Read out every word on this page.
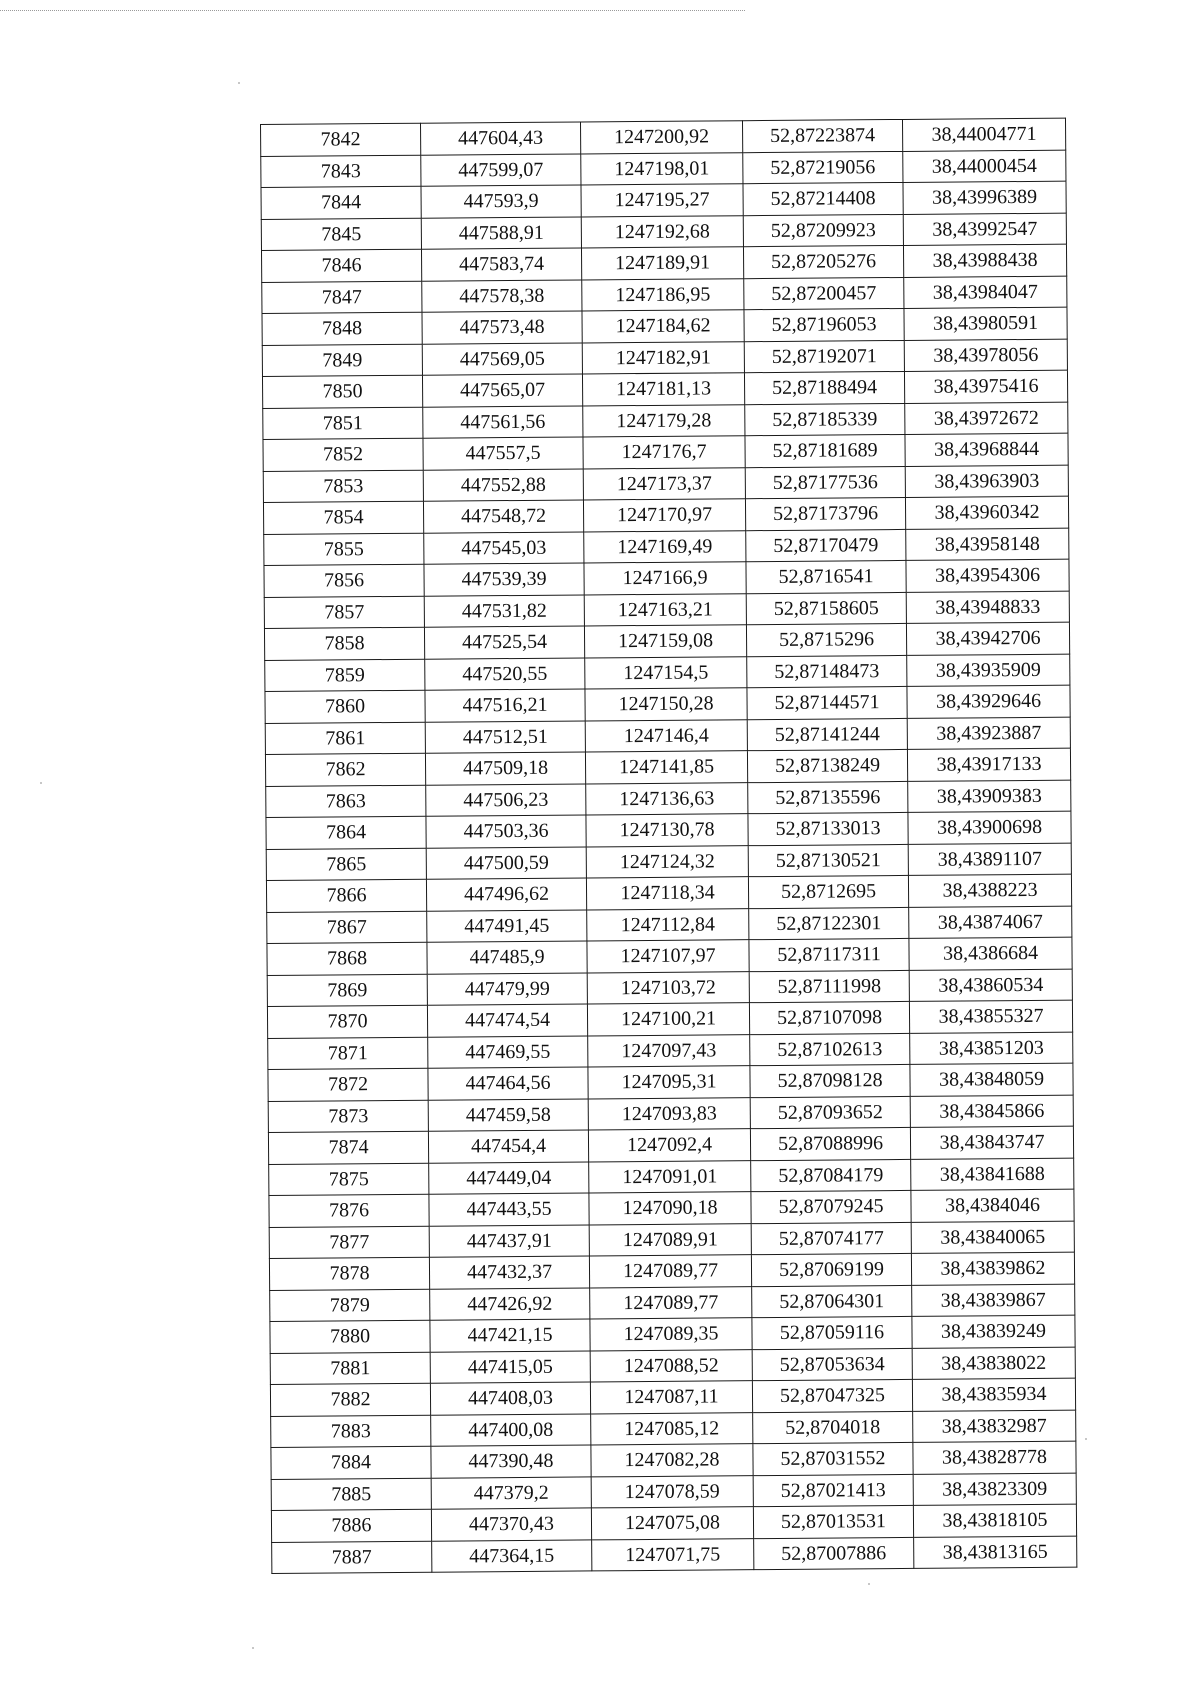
7842	447604,43	1247200,92	52,87223874	38,44004771
7843	447599,07	1247198,01	52,87219056	38,44000454
7844	447593,9	1247195,27	52,87214408	38,43996389
7845	447588,91	1247192,68	52,87209923	38,43992547
7846	447583,74	1247189,91	52,87205276	38,43988438
7847	447578,38	1247186,95	52,87200457	38,43984047
7848	447573,48	1247184,62	52,87196053	38,43980591
7849	447569,05	1247182,91	52,87192071	38,43978056
7850	447565,07	1247181,13	52,87188494	38,43975416
7851	447561,56	1247179,28	52,87185339	38,43972672
7852	447557,5	1247176,7	52,87181689	38,43968844
7853	447552,88	1247173,37	52,87177536	38,43963903
7854	447548,72	1247170,97	52,87173796	38,43960342
7855	447545,03	1247169,49	52,87170479	38,43958148
7856	447539,39	1247166,9	52,8716541	38,43954306
7857	447531,82	1247163,21	52,87158605	38,43948833
7858	447525,54	1247159,08	52,8715296	38,43942706
7859	447520,55	1247154,5	52,87148473	38,43935909
7860	447516,21	1247150,28	52,87144571	38,43929646
7861	447512,51	1247146,4	52,87141244	38,43923887
7862	447509,18	1247141,85	52,87138249	38,43917133
7863	447506,23	1247136,63	52,87135596	38,43909383
7864	447503,36	1247130,78	52,87133013	38,43900698
7865	447500,59	1247124,32	52,87130521	38,43891107
7866	447496,62	1247118,34	52,8712695	38,4388223
7867	447491,45	1247112,84	52,87122301	38,43874067
7868	447485,9	1247107,97	52,87117311	38,4386684
7869	447479,99	1247103,72	52,87111998	38,43860534
7870	447474,54	1247100,21	52,87107098	38,43855327
7871	447469,55	1247097,43	52,87102613	38,43851203
7872	447464,56	1247095,31	52,87098128	38,43848059
7873	447459,58	1247093,83	52,87093652	38,43845866
7874	447454,4	1247092,4	52,87088996	38,43843747
7875	447449,04	1247091,01	52,87084179	38,43841688
7876	447443,55	1247090,18	52,87079245	38,4384046
7877	447437,91	1247089,91	52,87074177	38,43840065
7878	447432,37	1247089,77	52,87069199	38,43839862
7879	447426,92	1247089,77	52,87064301	38,43839867
7880	447421,15	1247089,35	52,87059116	38,43839249
7881	447415,05	1247088,52	52,87053634	38,43838022
7882	447408,03	1247087,11	52,87047325	38,43835934
7883	447400,08	1247085,12	52,8704018	38,43832987
7884	447390,48	1247082,28	52,87031552	38,43828778
7885	447379,2	1247078,59	52,87021413	38,43823309
7886	447370,43	1247075,08	52,87013531	38,43818105
7887	447364,15	1247071,75	52,87007886	38,43813165
